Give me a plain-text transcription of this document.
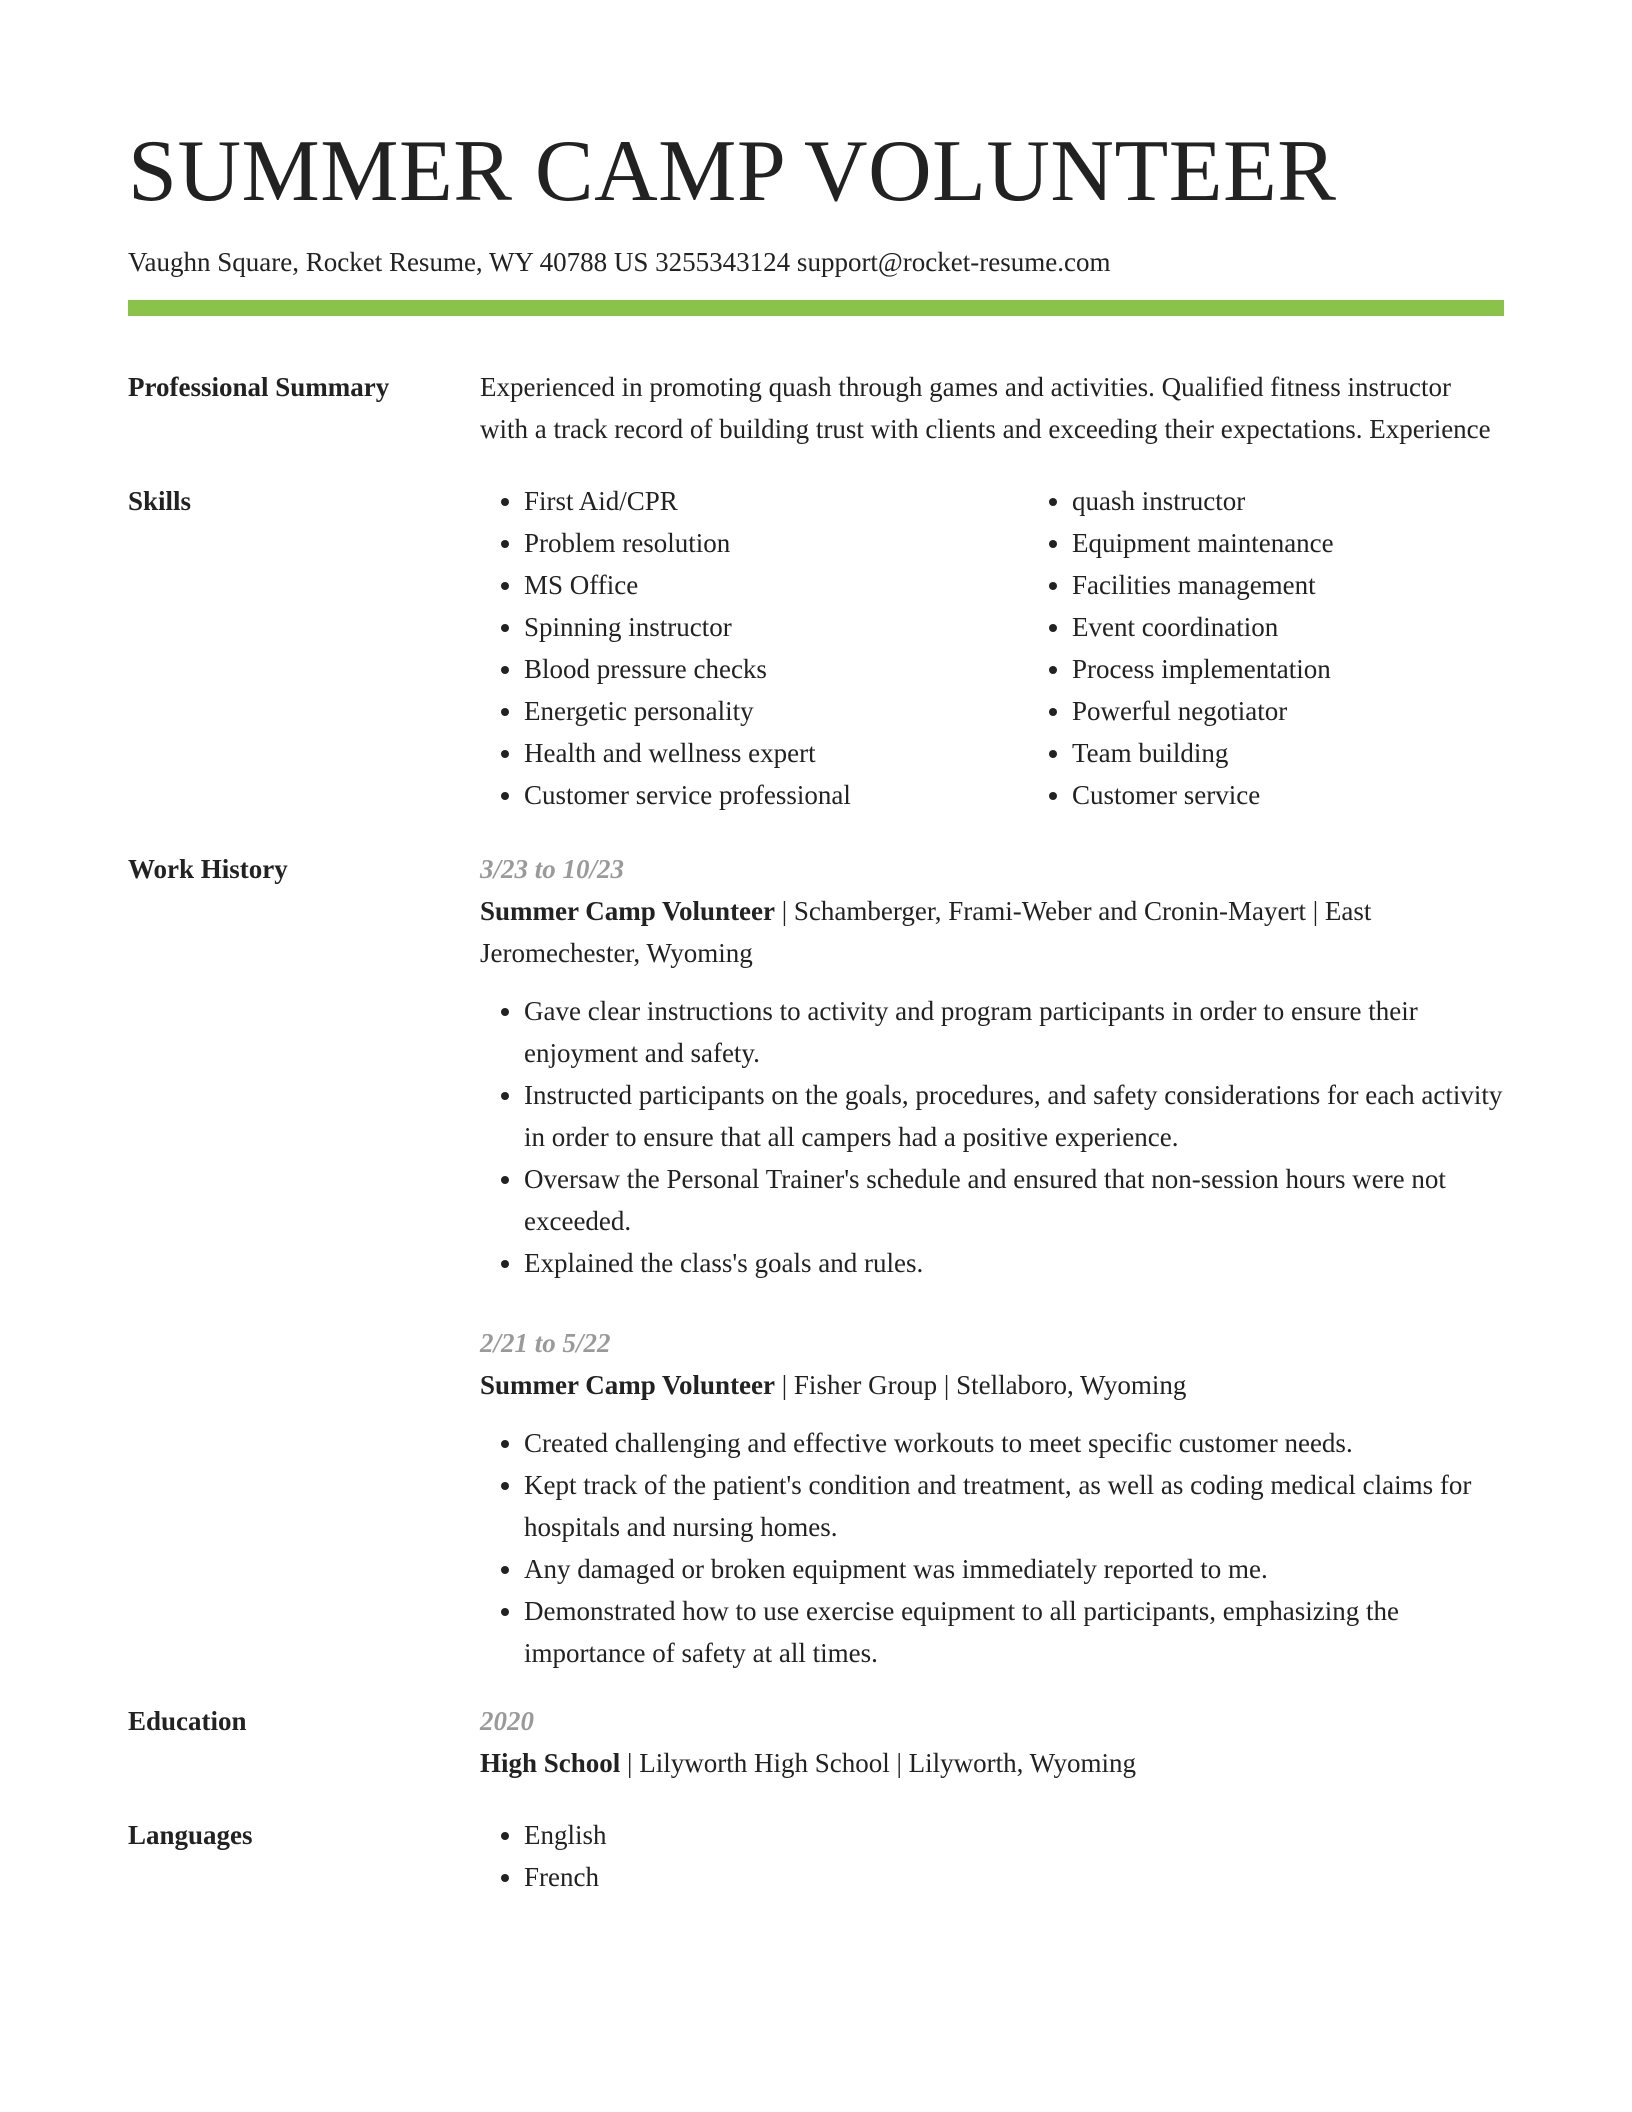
SUMMER CAMP VOLUNTEER
Vaughn Square, Rocket Resume, WY 40788 US 3255343124 support@rocket-resume.com
Professional Summary	Experienced in promoting quash through games and activities. Qualified fitness instructor with a track record of building trust with clients and exceeding their expectations. Experience
Skills	• First Aid/CPR
• Problem resolution
• MS Office
• Spinning instructor
• Blood pressure checks
• Energetic personality
• Health and wellness expert
• Customer service professional
• quash instructor
• Equipment maintenance
• Facilities management
• Event coordination
• Process implementation
• Powerful negotiator
• Team building
• Customer service
Work History	3/23 to 10/23
Summer Camp Volunteer | Schamberger, Frami-Weber and Cronin-Mayert | East Jeromechester, Wyoming
• Gave clear instructions to activity and program participants in order to ensure their enjoyment and safety.
• Instructed participants on the goals, procedures, and safety considerations for each activity in order to ensure that all campers had a positive experience.
• Oversaw the Personal Trainer's schedule and ensured that non-session hours were not exceeded.
• Explained the class's goals and rules.
2/21 to 5/22
Summer Camp Volunteer | Fisher Group | Stellaboro, Wyoming
• Created challenging and effective workouts to meet specific customer needs.
• Kept track of the patient's condition and treatment, as well as coding medical claims for hospitals and nursing homes.
• Any damaged or broken equipment was immediately reported to me.
• Demonstrated how to use exercise equipment to all participants, emphasizing the importance of safety at all times.
Education	2020
High School | Lilyworth High School | Lilyworth, Wyoming
Languages	• English
• French
